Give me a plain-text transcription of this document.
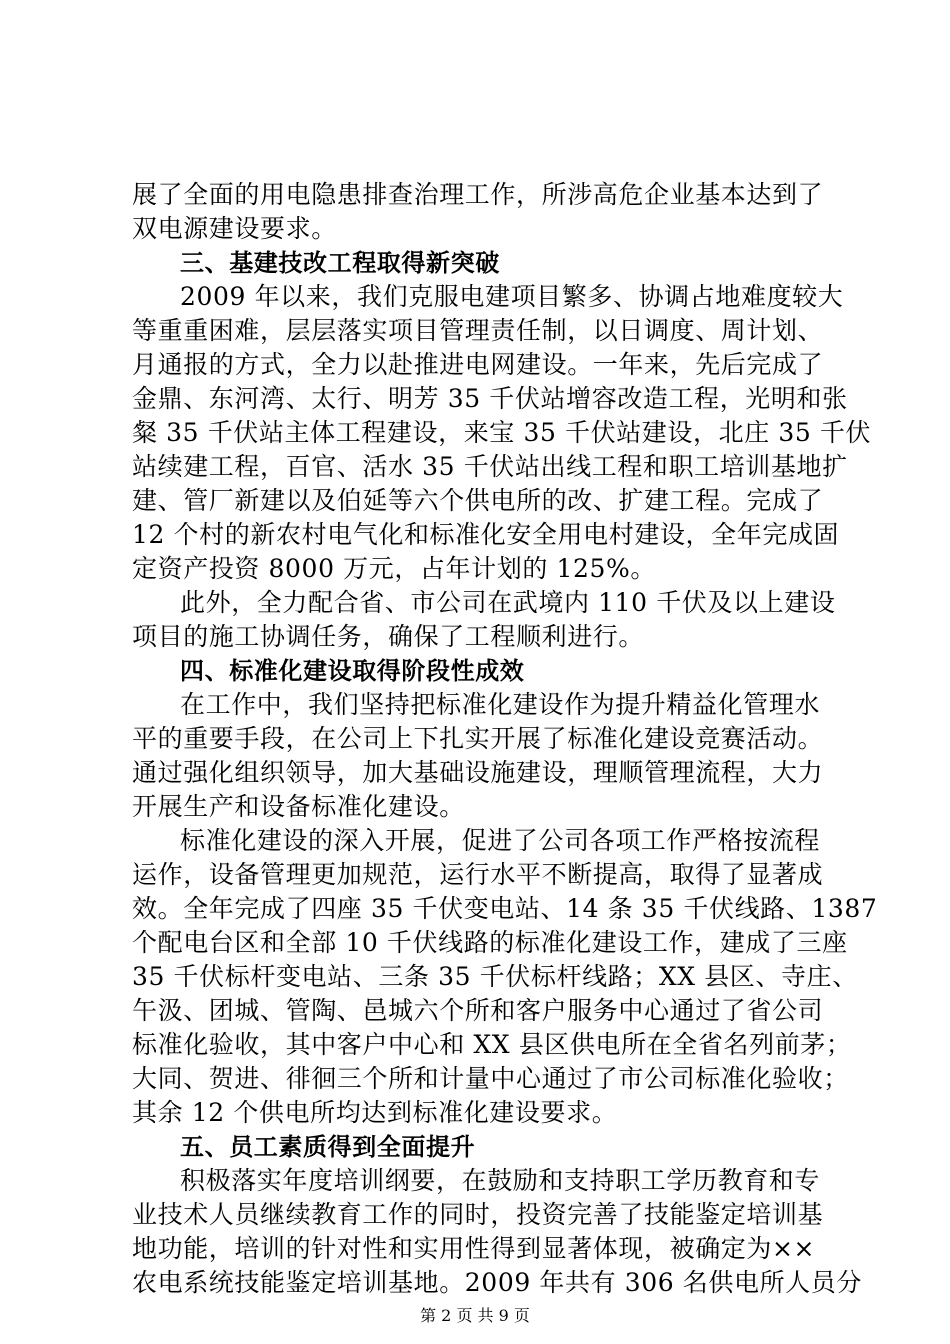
展了全面的用电隐患排查治理工作，所涉高危企业基本达到了
双电源建设要求。
三、基建技改工程取得新突破
2009 年以来，我们克服电建项目繁多、协调占地难度较大
等重重困难，层层落实项目管理责任制，以日调度、周计划、
月通报的方式，全力以赴推进电网建设。一年来，先后完成了
金鼎、东河湾、太行、明芳 35 千伏站增容改造工程，光明和张
粲 35 千伏站主体工程建设，来宝 35 千伏站建设，北庄 35 千伏
站续建工程，百官、活水 35 千伏站出线工程和职工培训基地扩
建、管厂新建以及伯延等六个供电所的改、扩建工程。完成了
12 个村的新农村电气化和标准化安全用电村建设，全年完成固
定资产投资 8000 万元，占年计划的 125%。
此外，全力配合省、市公司在武境内 110 千伏及以上建设
项目的施工协调任务，确保了工程顺利进行。
四、标准化建设取得阶段性成效
在工作中，我们坚持把标准化建设作为提升精益化管理水
平的重要手段，在公司上下扎实开展了标准化建设竞赛活动。
通过强化组织领导，加大基础设施建设，理顺管理流程，大力
开展生产和设备标准化建设。
标准化建设的深入开展，促进了公司各项工作严格按流程
运作，设备管理更加规范，运行水平不断提高，取得了显著成
效。全年完成了四座 35 千伏变电站、14 条 35 千伏线路、1387
个配电台区和全部 10 千伏线路的标准化建设工作，建成了三座
35 千伏标杆变电站、三条 35 千伏标杆线路；XX 县区、寺庄、
午汲、团城、管陶、邑城六个所和客户服务中心通过了省公司
标准化验收，其中客户中心和 XX 县区供电所在全省名列前茅；
大同、贺进、徘徊三个所和计量中心通过了市公司标准化验收；
其余 12 个供电所均达到标准化建设要求。
五、员工素质得到全面提升
积极落实年度培训纲要，在鼓励和支持职工学历教育和专
业技术人员继续教育工作的同时，投资完善了技能鉴定培训基
地功能，培训的针对性和实用性得到显著体现，被确定为××
农电系统技能鉴定培训基地。2009 年共有 306 名供电所人员分
第 2 页 共 9 页
